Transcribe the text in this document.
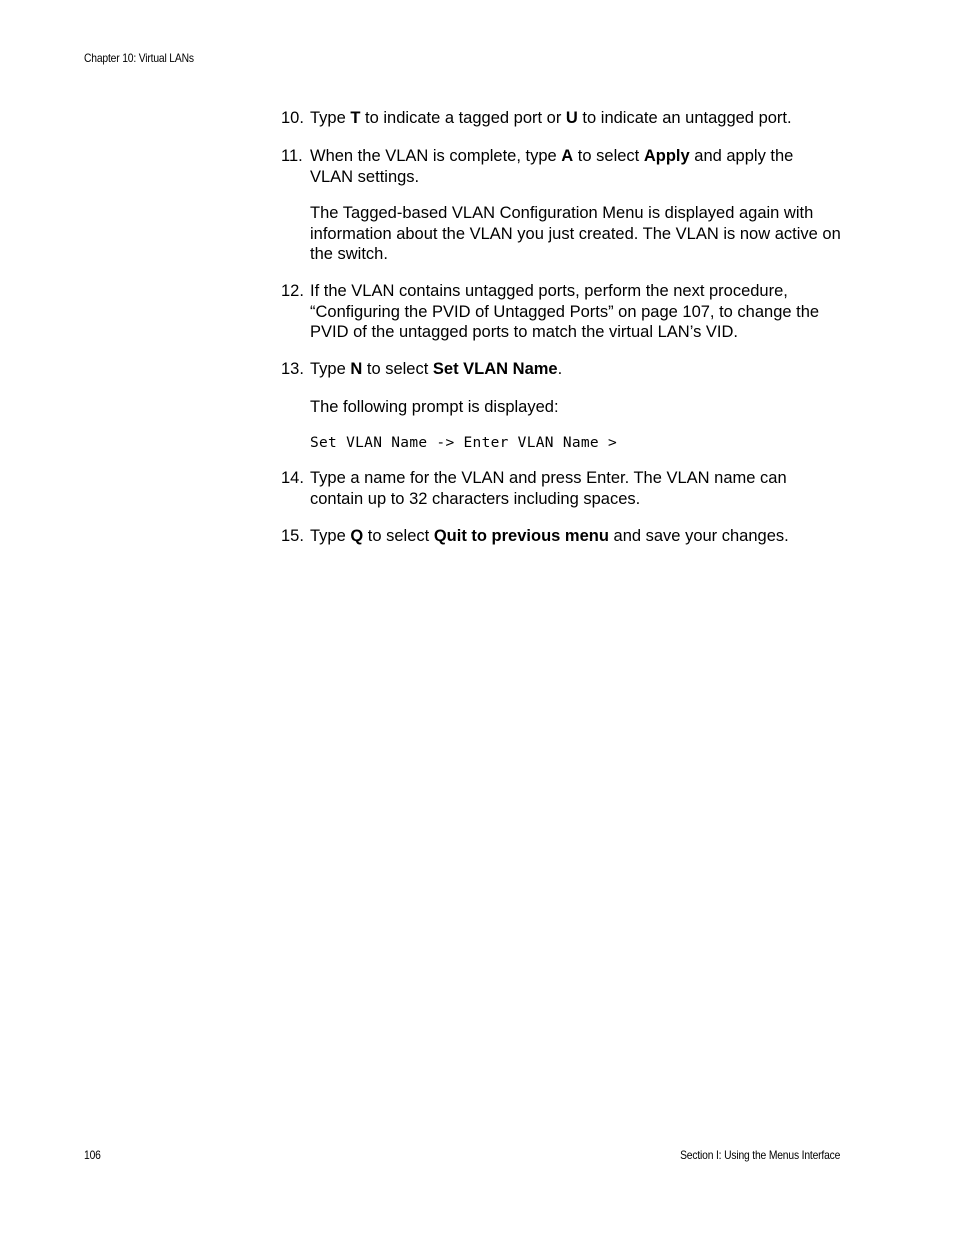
Chapter 10: Virtual LANs
10. Type T to indicate a tagged port or U to indicate an untagged port.
11. When the VLAN is complete, type A to select Apply and apply the VLAN settings.
The Tagged-based VLAN Configuration Menu is displayed again with information about the VLAN you just created. The VLAN is now active on the switch.
12. If the VLAN contains untagged ports, perform the next procedure, “Configuring the PVID of Untagged Ports” on page 107, to change the PVID of the untagged ports to match the virtual LAN’s VID.
13. Type N to select Set VLAN Name.
The following prompt is displayed:
Set VLAN Name -> Enter VLAN Name >
14. Type a name for the VLAN and press Enter. The VLAN name can contain up to 32 characters including spaces.
15. Type Q to select Quit to previous menu and save your changes.
106	Section I: Using the Menus Interface
